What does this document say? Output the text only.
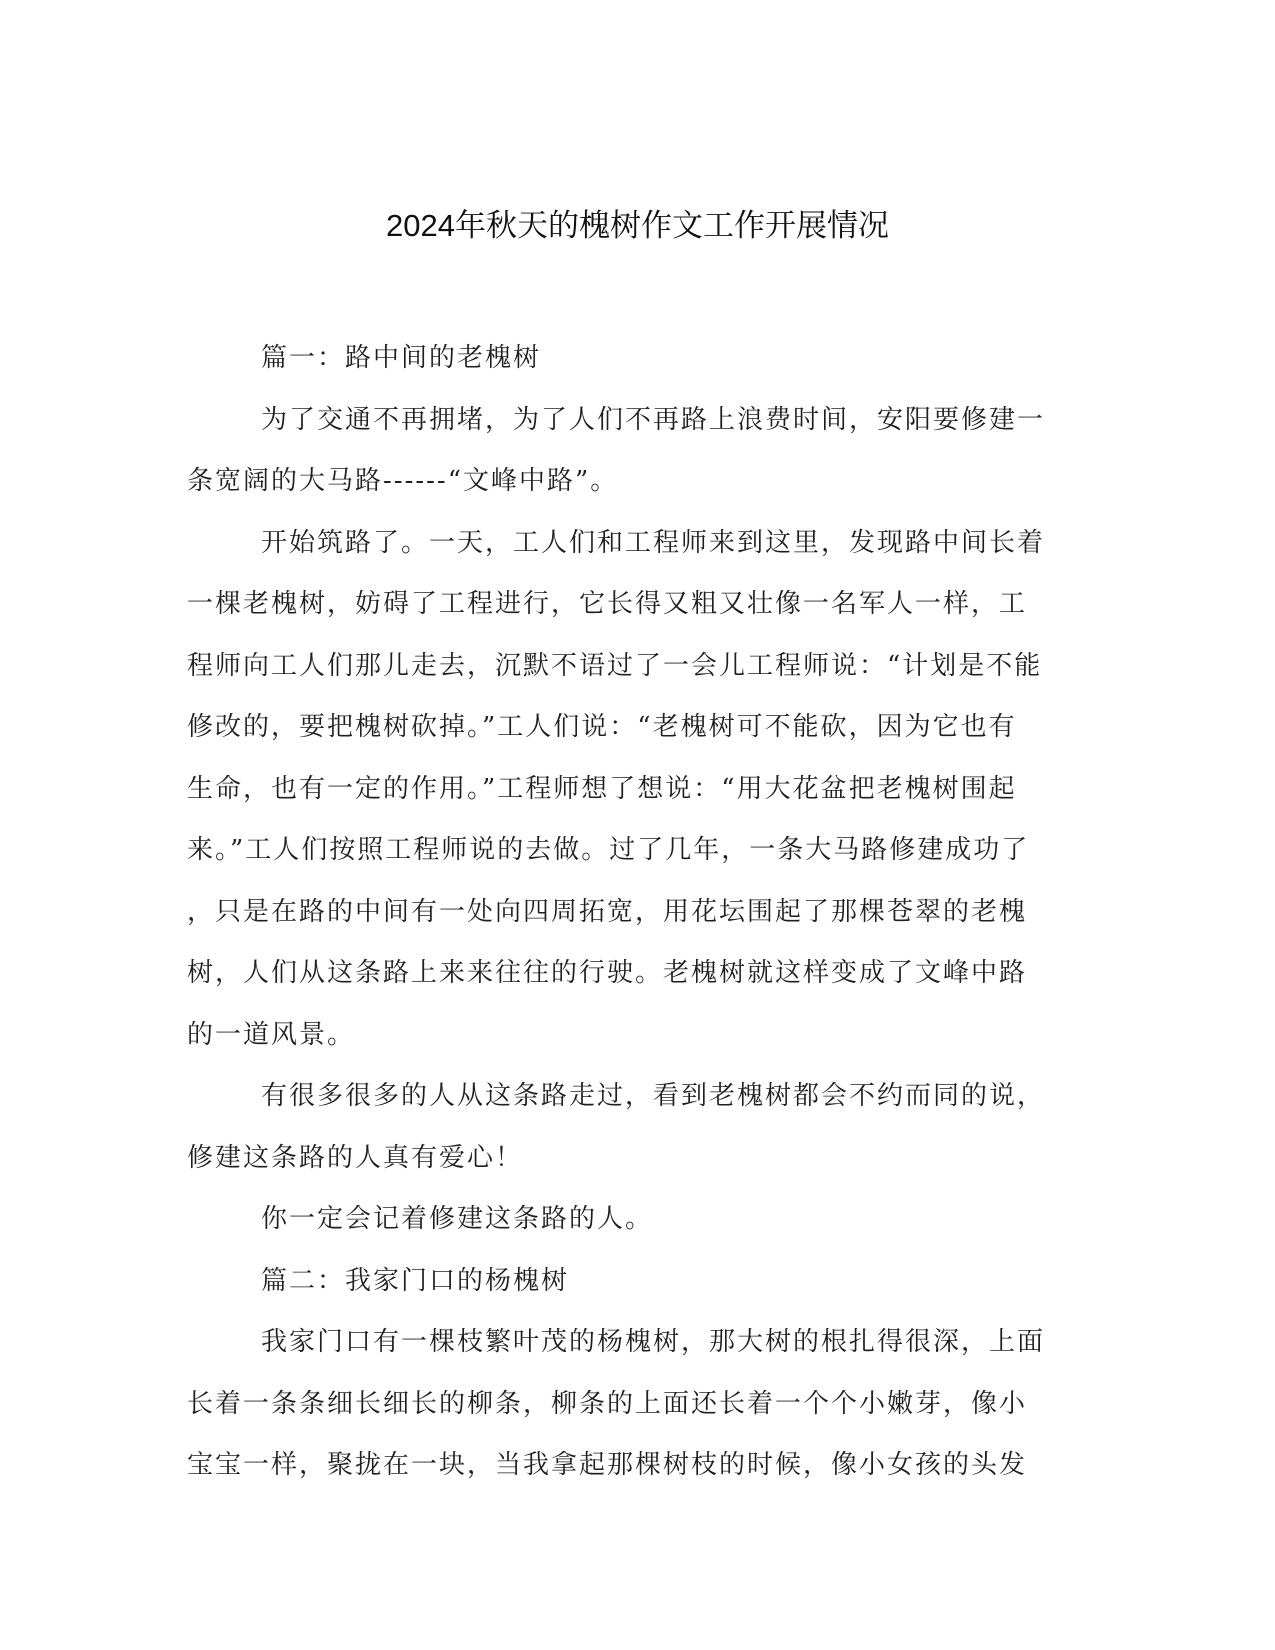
2024年秋天的槐树作文工作开展情况
篇一：路中间的老槐树
为了交通不再拥堵，为了人们不再路上浪费时间，安阳要修建一
条宽阔的大马路------“文峰中路”。
开始筑路了。一天，工人们和工程师来到这里，发现路中间长着
一棵老槐树，妨碍了工程进行，它长得又粗又壮像一名军人一样，工
程师向工人们那儿走去，沉默不语过了一会儿工程师说：“计划是不能
修改的，要把槐树砍掉。”工人们说：“老槐树可不能砍，因为它也有
生命，也有一定的作用。”工程师想了想说：“用大花盆把老槐树围起
来。”工人们按照工程师说的去做。过了几年，一条大马路修建成功了
，只是在路的中间有一处向四周拓宽，用花坛围起了那棵苍翠的老槐
树，人们从这条路上来来往往的行驶。老槐树就这样变成了文峰中路
的一道风景。
有很多很多的人从这条路走过，看到老槐树都会不约而同的说，
修建这条路的人真有爱心！
你一定会记着修建这条路的人。
篇二：我家门口的杨槐树
我家门口有一棵枝繁叶茂的杨槐树，那大树的根扎得很深，上面
长着一条条细长细长的柳条，柳条的上面还长着一个个小嫩芽，像小
宝宝一样，聚拢在一块，当我拿起那棵树枝的时候，像小女孩的头发
